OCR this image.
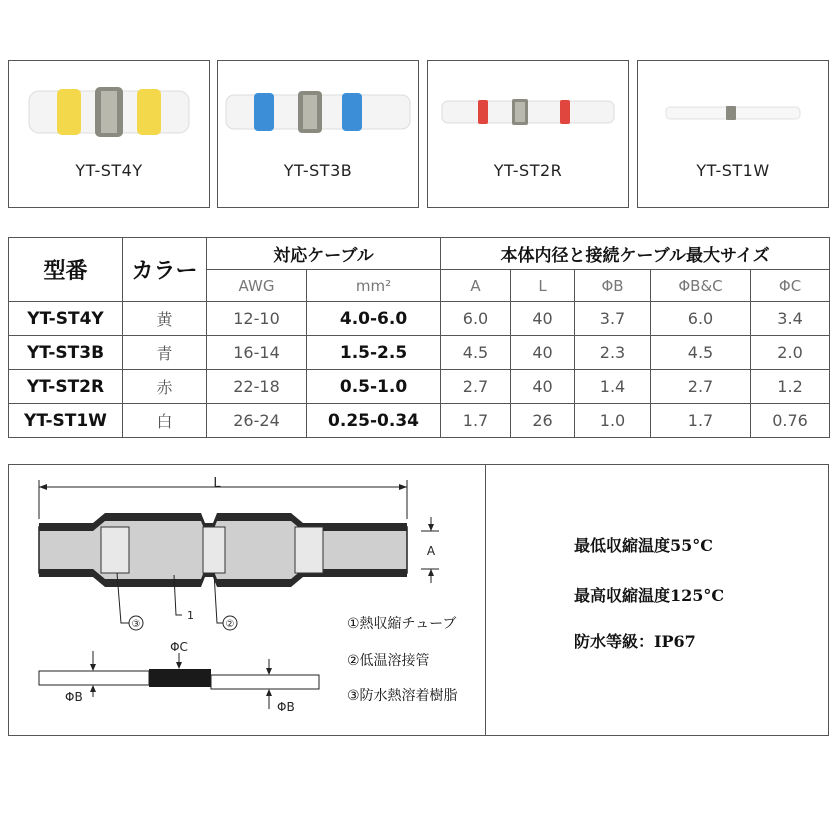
YT-ST4Y	YT-ST3B	YT-ST2R	YT-ST1W
型番	カラー	対応ケーブル		本体内径と接続ケーブル最大サイズ				
		AWG	mm²	A	L	ΦB	ΦB&C	ΦC
YT-ST4Y	黄	12-10	4.0-6.0	6.0	40	3.7	6.0	3.4
YT-ST3B	青	16-14	1.5-2.5	4.5	40	2.3	4.5	2.0
YT-ST2R	赤	22-18	0.5-1.0	2.7	40	1.4	2.7	1.2
YT-ST1W	白	26-24	0.25-0.34	1.7	26	1.0	1.7	0.76
L
A
③
1
②
ΦC
ΦB
ΦB
①熱収縮チューブ
②低温溶接管
③防水熱溶着樹脂
最低収縮温度55°C
最高収縮温度125°C
防水等級：IP67
